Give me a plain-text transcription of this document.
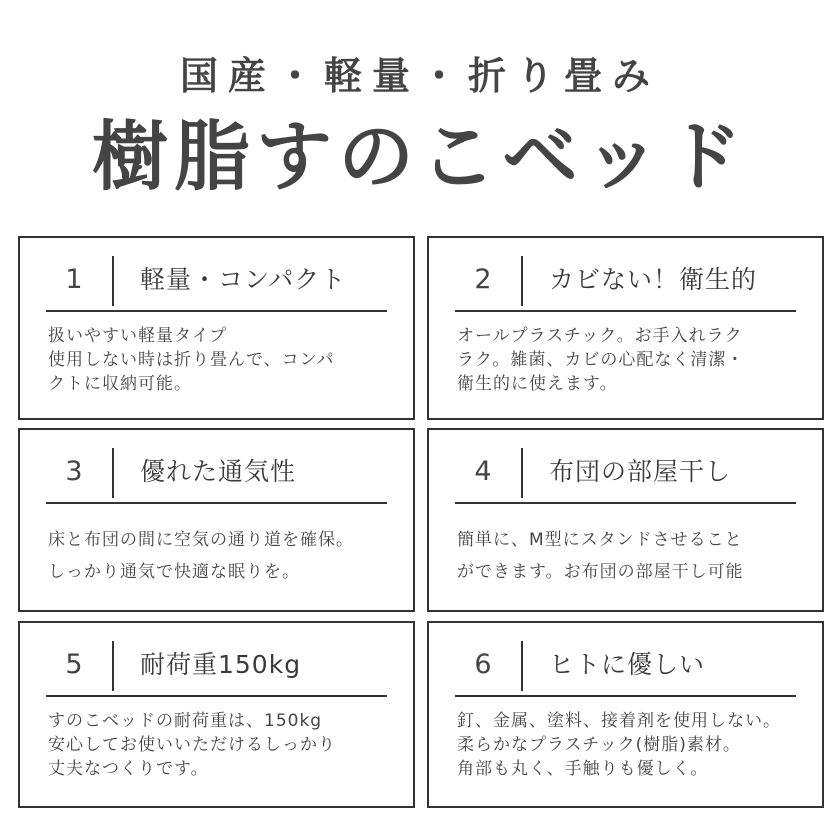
国産・軽量・折り畳み
樹脂すのこベッド
1 軽量・コンパクト
扱いやすい軽量タイプ
使用しない時は折り畳んで、コンパ
クトに収納可能。
2 カビない！衛生的
オールプラスチック。お手入れラク
ラク。雑菌、カビの心配なく清潔・
衛生的に使えます。
3 優れた通気性
床と布団の間に空気の通り道を確保。
しっかり通気で快適な眠りを。
4 布団の部屋干し
簡単に、M型にスタンドさせること
ができます。お布団の部屋干し可能
5 耐荷重150kg
すのこベッドの耐荷重は、150kg
安心してお使いいただけるしっかり
丈夫なつくりです。
6 ヒトに優しい
釘、金属、塗料、接着剤を使用しない。
柔らかなプラスチック(樹脂)素材。
角部も丸く、手触りも優しく。
